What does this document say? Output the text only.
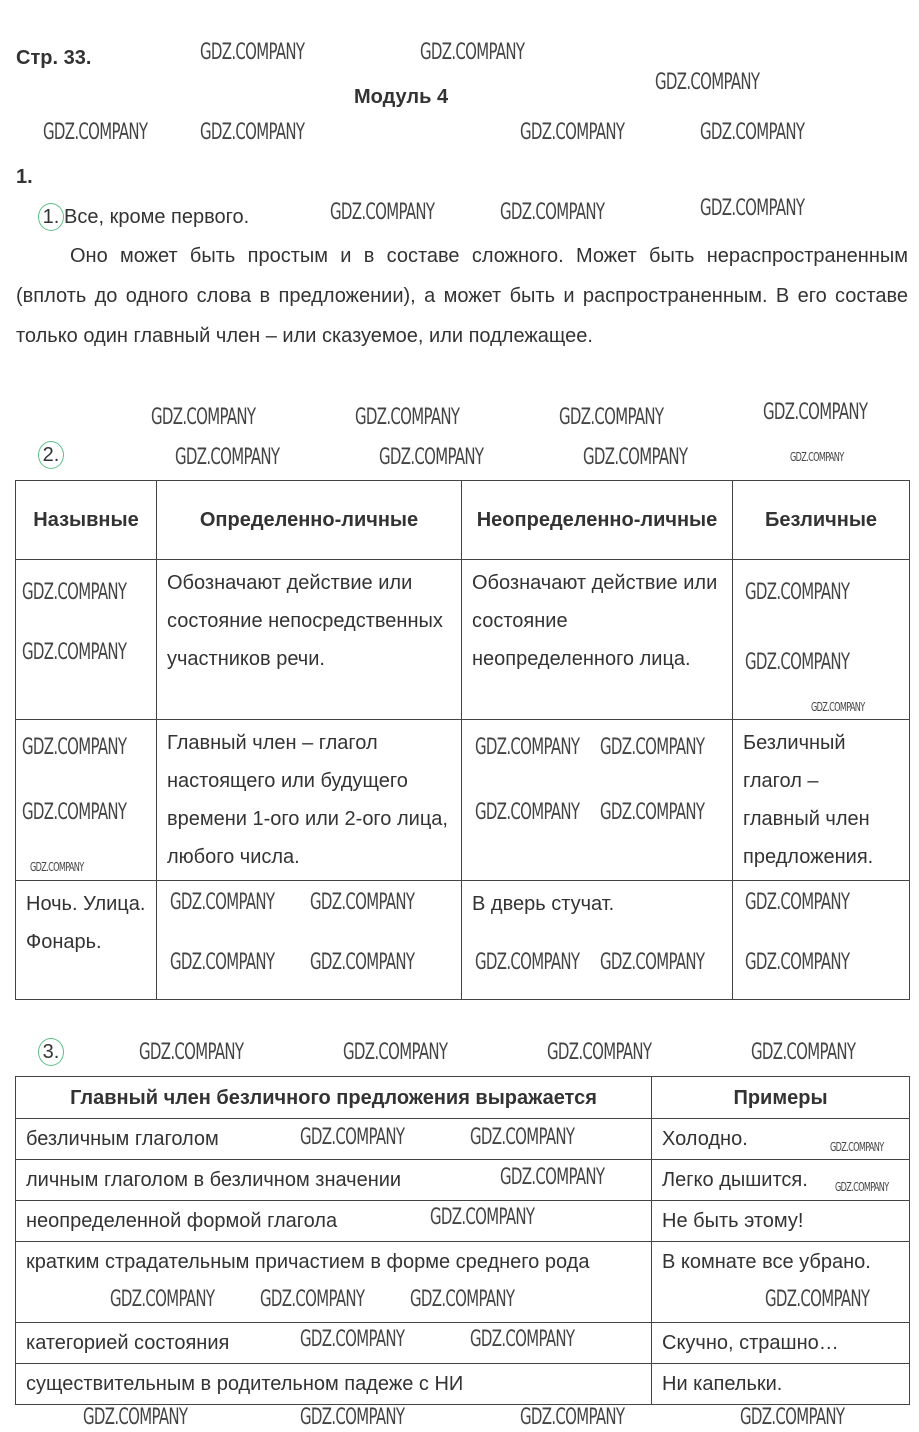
Стр. 33.
Модуль 4
1.
1. Все, кроме первого.
Оно может быть простым и в составе сложного. Может быть нераспространенным (вплоть до одного слова в предложении), а может быть и распространенным. В его составе только один главный член – или сказуемое, или подлежащее.
2.
Назывные	Определенно-личные	Неопределенно-личные	Безличные
	Обозначают действие или состояние непосредственных участников речи.	Обозначают действие или состояние неопределенного лица.	
	Главный член – глагол настоящего или будущего времени 1-ого или 2-ого лица, любого числа.		Безличный глагол – главный член предложения.
Ночь. Улица. Фонарь.		В дверь стучат.	
3.
Главный член безличного предложения выражается	Примеры
безличным глаголом	Холодно.
личным глаголом в безличном значении	Легко дышится.
неопределенной формой глагола	Не быть этому!
кратким страдательным причастием в форме среднего рода	В комнате все убрано.
категорией состояния	Скучно, страшно…
существительным в родительном падеже с НИ	Ни капельки.
GDZ.COMPANY	GDZ.COMPANY
GDZ.COMPANY
GDZ.COMPANY GDZ.COMPANY	GDZ.COMPANY	GDZ.COMPANY
GDZ.COMPANY	GDZ.COMPANY	GDZ.COMPANY
GDZ.COMPANY	GDZ.COMPANY	GDZ.COMPANY	GDZ.COMPANY
GDZ.COMPANY	GDZ.COMPANY	GDZ.COMPANY
GDZ.COMPANY
GDZ.COMPANY
GDZ.COMPANY
GDZ.COMPANY
GDZ.COMPANY
GDZ.COMPANY
GDZ.COMPANY GDZ.COMPANY
GDZ.COMPANY GDZ.COMPANY
GDZ.COMPANY GDZ.COMPANY
GDZ.COMPANY GDZ.COMPANY	GDZ.COMPANY GDZ.COMPANY
GDZ.COMPANY
GDZ.COMPANY
GDZ.COMPANY	GDZ.COMPANY	GDZ.COMPANY	GDZ.COMPANY
GDZ.COMPANY	GDZ.COMPANY
GDZ.COMPANY
GDZ.COMPANY
GDZ.COMPANY GDZ.COMPANY GDZ.COMPANY	GDZ.COMPANY
GDZ.COMPANY	GDZ.COMPANY
GDZ.COMPANY	GDZ.COMPANY	GDZ.COMPANY	GDZ.COMPANY
GDZ.COMPANY
GDZ.COMPANY
GDZ.COMPANY
GDZ.COMPANY
GDZ.COMPANY
